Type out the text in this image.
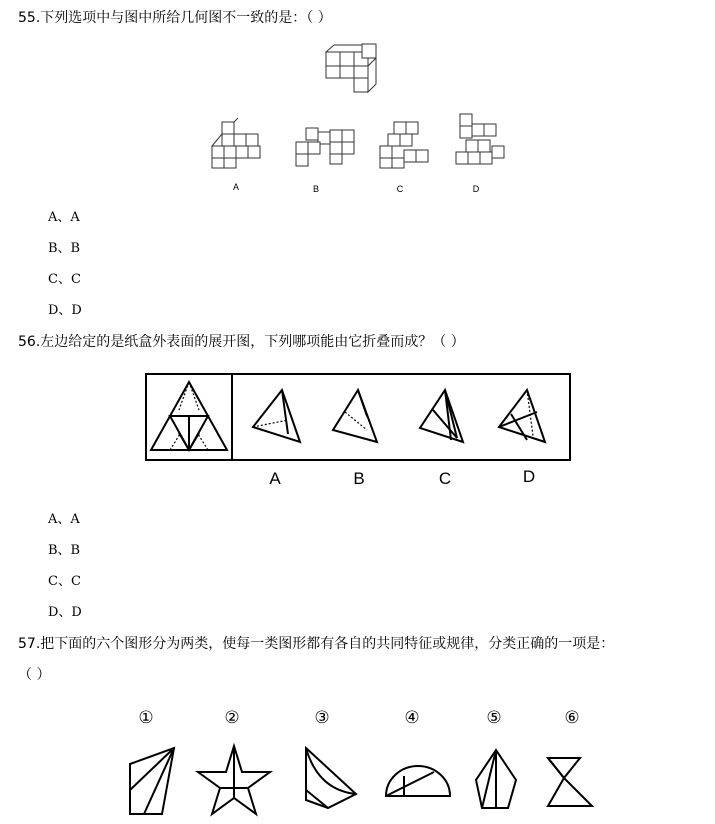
55.下列选项中与图中所给几何图不一致的是：（ ）
A	B	C	D
A、A
B、B
C、C
D、D
56.左边给定的是纸盒外表面的展开图，下列哪项能由它折叠而成？（ ）
A	B	C	D
A、A
B、B
C、C
D、D
57.把下面的六个图形分为两类，使每一类图形都有各自的共同特征或规律，分类正确的一项是：
（ ）
①	②	③	④	⑤	⑥
